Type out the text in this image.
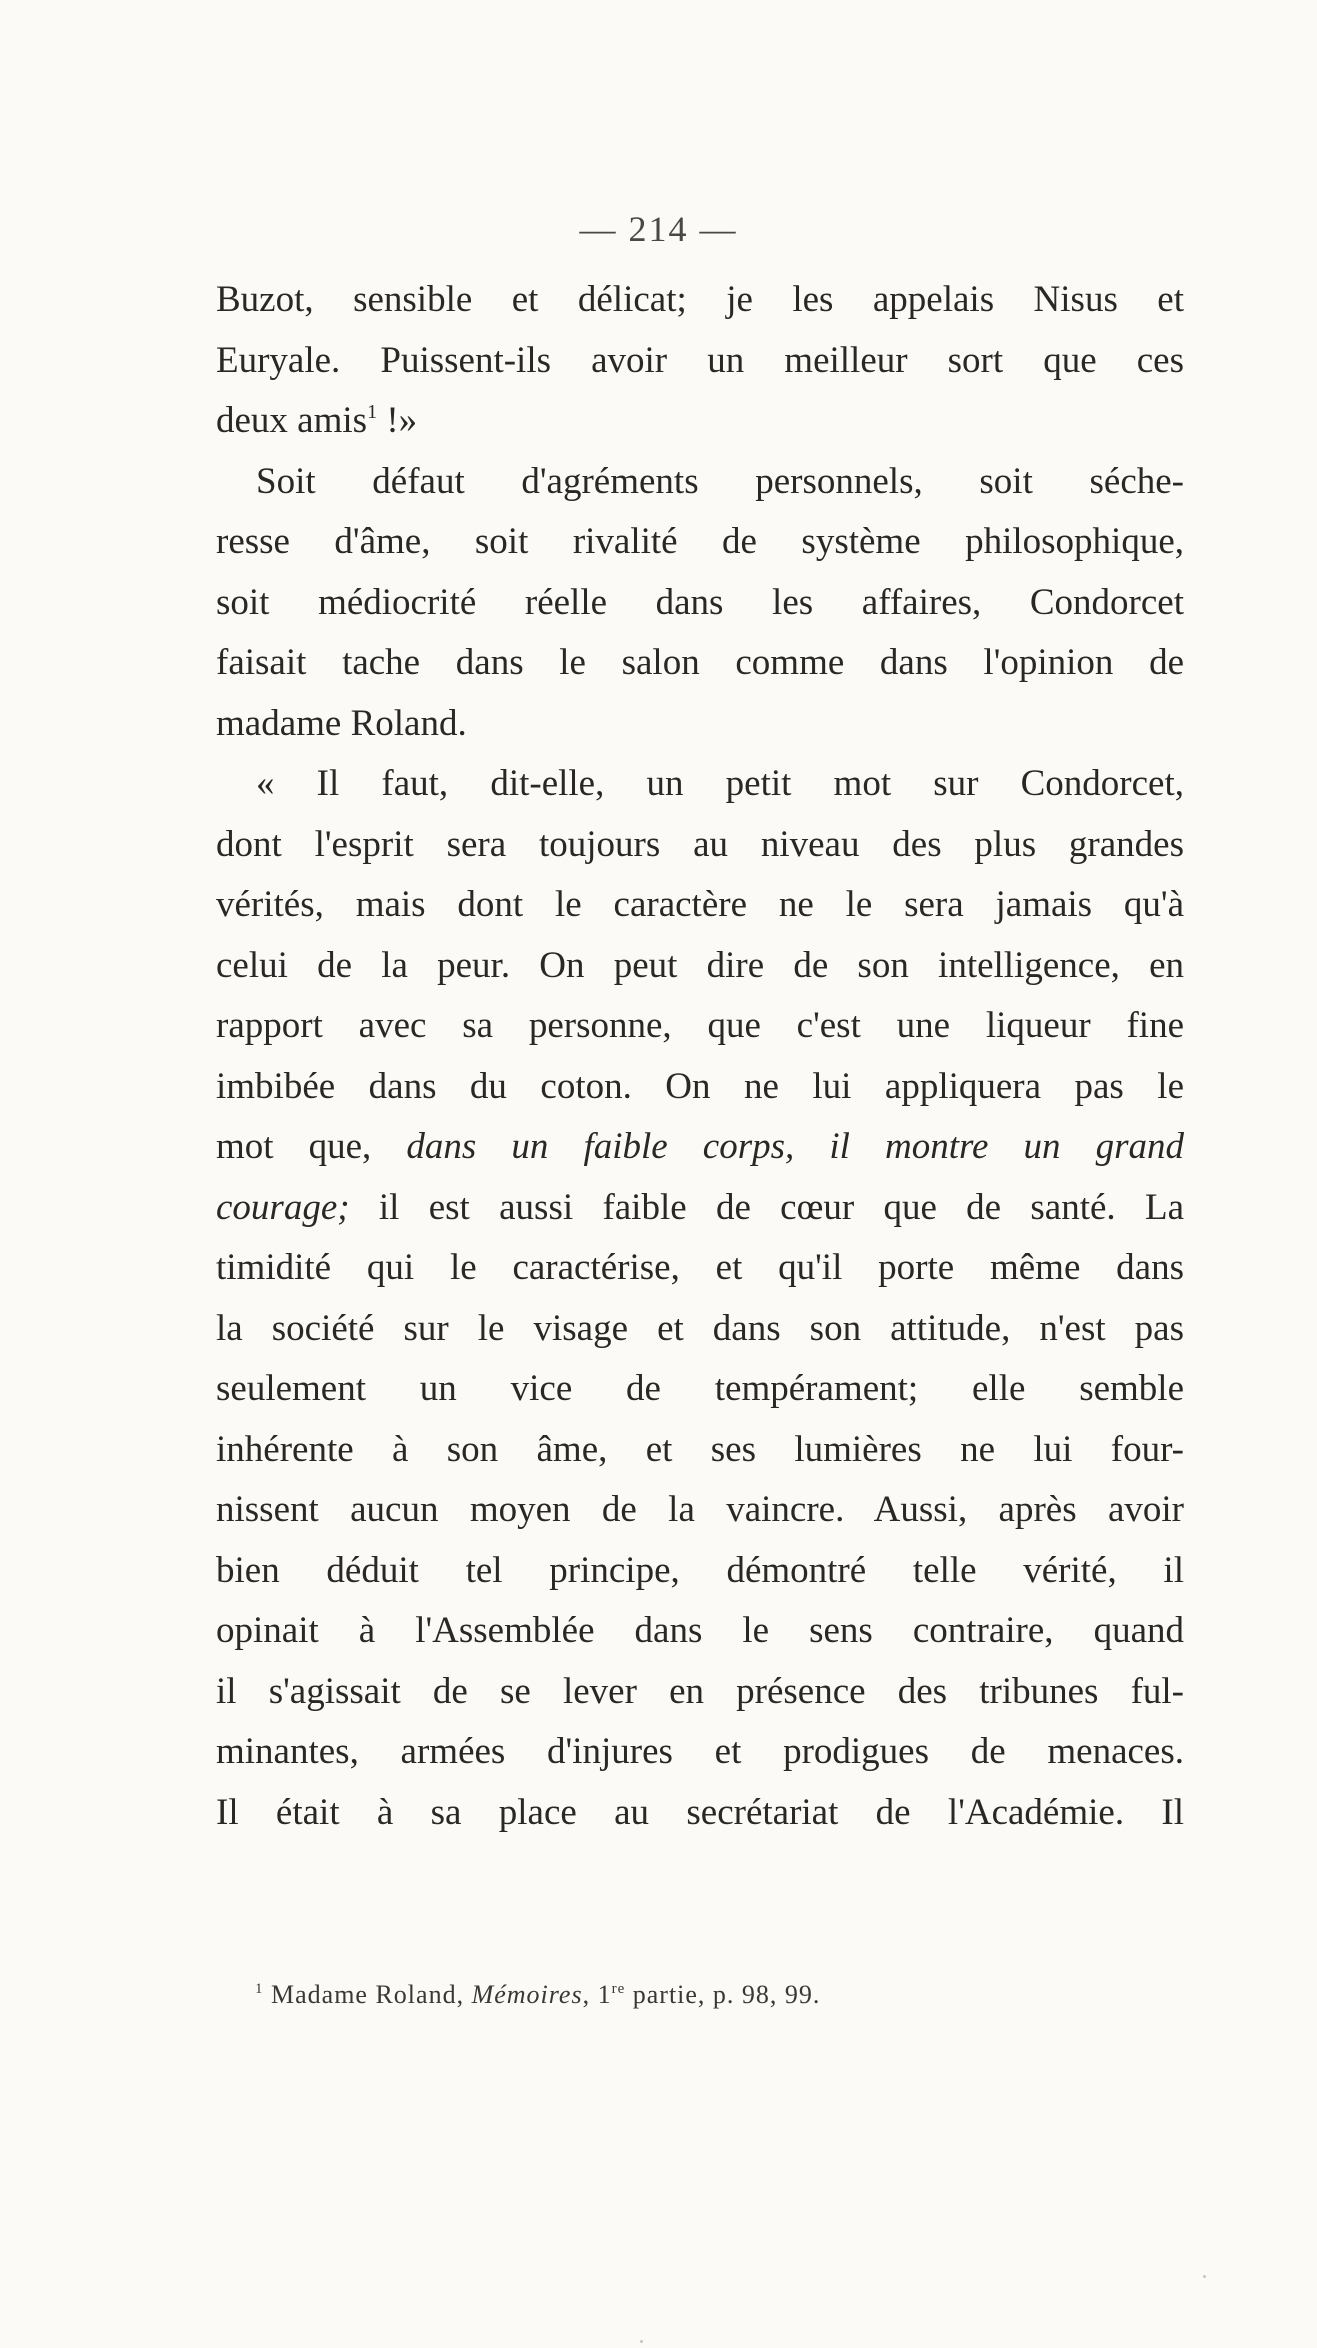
— 214 —
Buzot, sensible et délicat; je les appelais Nisus et
Euryale. Puissent-ils avoir un meilleur sort que ces
deux amis$^1$ !»
Soit défaut d'agréments personnels, soit séche-
resse d'âme, soit rivalité de système philosophique,
soit médiocrité réelle dans les affaires, Condorcet
faisait tache dans le salon comme dans l'opinion de
madame Roland.
« Il faut, dit-elle, un petit mot sur Condorcet,
dont l'esprit sera toujours au niveau des plus grandes
vérités, mais dont le caractère ne le sera jamais qu'à
celui de la peur. On peut dire de son intelligence, en
rapport avec sa personne, que c'est une liqueur fine
imbibée dans du coton. On ne lui appliquera pas le
mot que, dans un faible corps, il montre un grand
courage; il est aussi faible de cœur que de santé. La
timidité qui le caractérise, et qu'il porte même dans
la société sur le visage et dans son attitude, n'est pas
seulement un vice de tempérament; elle semble
inhérente à son âme, et ses lumières ne lui four-
nissent aucun moyen de la vaincre. Aussi, après avoir
bien déduit tel principe, démontré telle vérité, il
opinait à l'Assemblée dans le sens contraire, quand
il s'agissait de se lever en présence des tribunes ful-
minantes, armées d'injures et prodigues de menaces.
Il était à sa place au secrétariat de l'Académie. Il
$^1$ Madame Roland, Mémoires, 1re partie, p. 98, 99.
